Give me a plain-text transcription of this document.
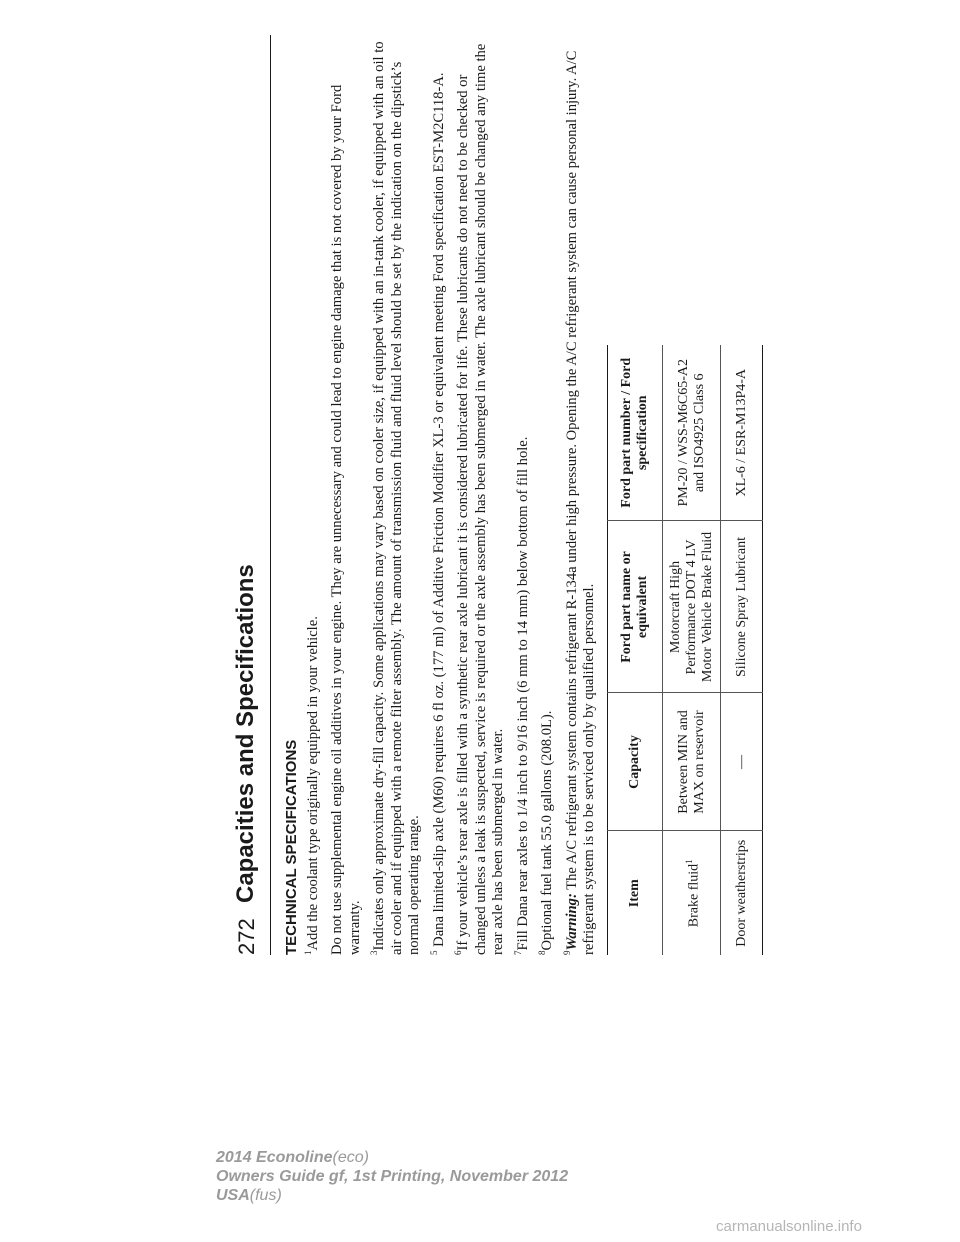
272
Capacities and Specifications TECHNICAL SPECIFICATIONS $^1$Add the coolant type originally equipped in your vehicle. Do not use supplemental engine oil additives in your engine. They are unnecessary and could lead to engine damage that is not covered by your Ford warranty. $^3$Indicates only approximate dry-fill capacity. Some applications may vary based on cooler size, if equipped with an in-tank cooler, if equipped with an oil to air cooler and if equipped with a remote filter assembly. The amount of transmission fluid and fluid level should be set by the indication on the dipstick’s normal operating range. $^5$ Dana limited-slip axle (M60) requires 6 fl oz. (177 ml) of Additive Friction Modifier XL-3 or equivalent meeting Ford specification EST-M2C118-A.

$^6$If your vehicle’s rear axle is filled with a synthetic rear axle lubricant it is considered lubricated for life. These lubricants do not need to be checked or changed unless a leak is suspected, service is required or the axle assembly has been submerged in water. The axle lubricant should be changed any time the rear axle has been submerged in water. $^7$Fill Dana rear axles to 1/4 inch to 9/16 inch (6 mm to 14 mm) below bottom of fill hole.

$^8$Optional fuel tank 55.0 gallons (208.0L).

$^9$Warning: The A/C refrigerant system contains refrigerant R-134a under high pressure. Opening the A/C refrigerant system can cause personal injury. A/C refrigerant system is to be serviced only by qualified personnel. Item	Capacity	Ford part name or equivalent	Ford part number / Ford specification
Brake fluid$^1$	Between MIN and MAX on reservoir	Motorcraft High Performance DOT 4 LV Motor Vehicle Brake Fluid	PM-20 / WSS-M6C65-A2 and ISO4925 Class 6
Door weatherstrips	—	Silicone Spray Lubricant	XL-6 / ESR-M13P4-A
2014 Econoline(eco)
Owners Guide gf, 1st Printing, November 2012
USA(fus)
carmanualsonline.info
